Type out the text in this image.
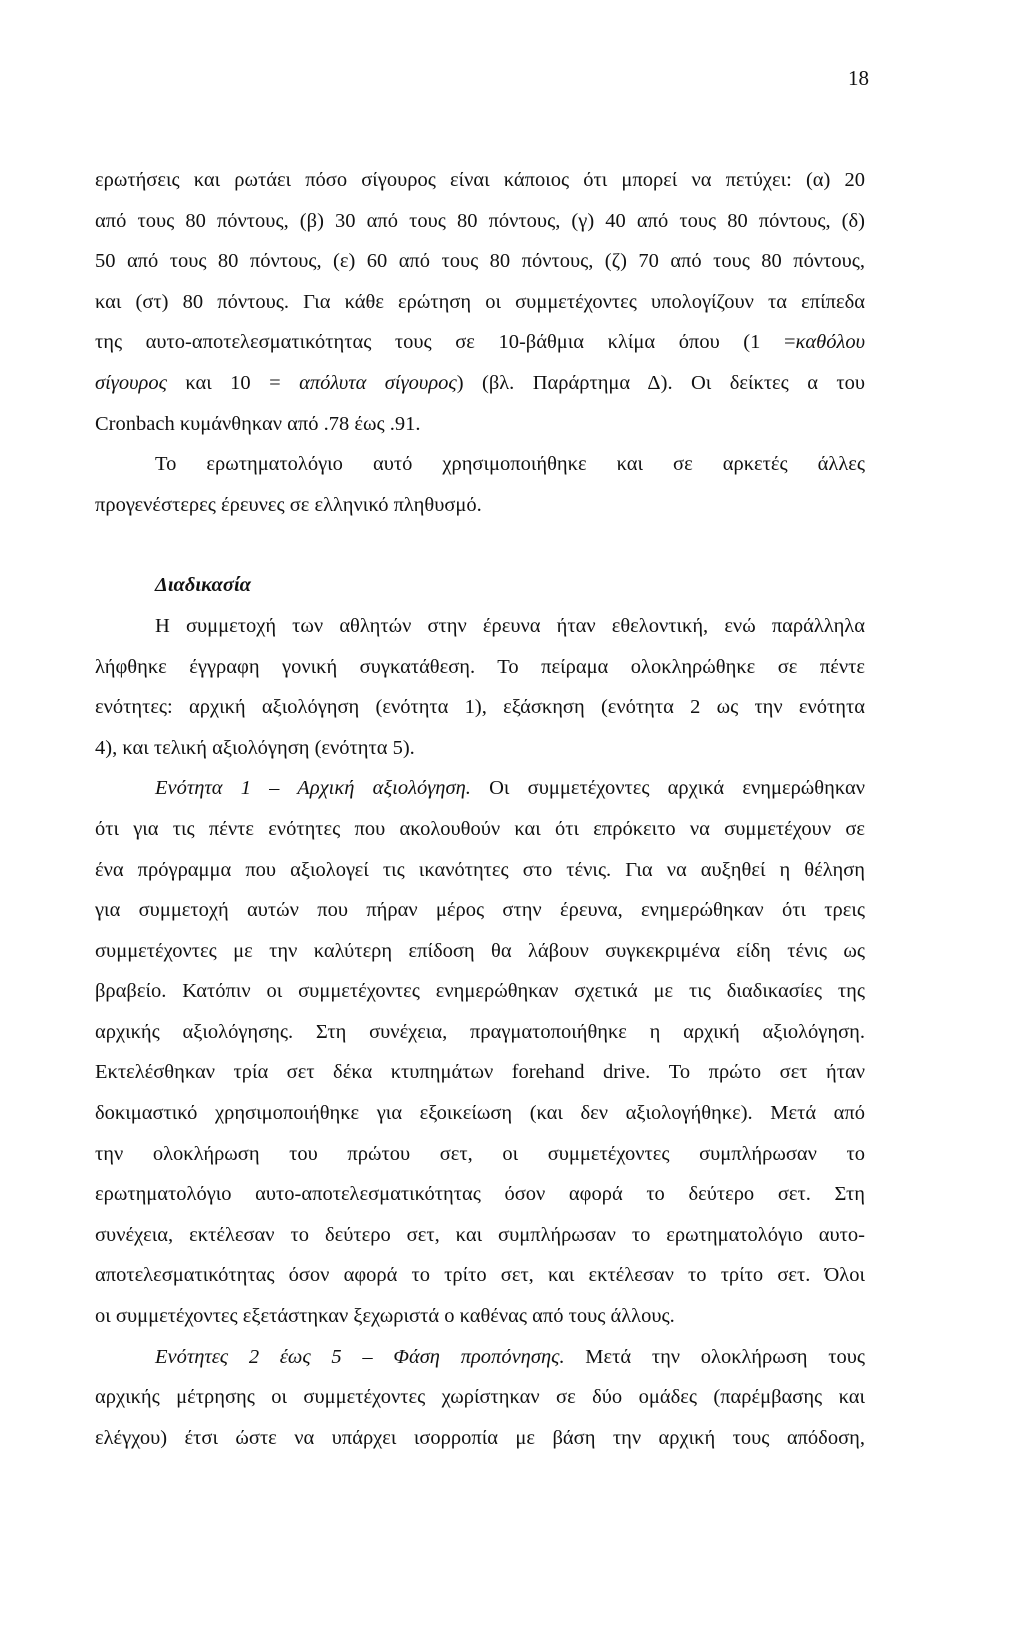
18
ερωτήσεις και ρωτάει πόσο σίγουρος είναι κάποιος ότι μπορεί να πετύχει: (α) 20
από τους 80 πόντους, (β) 30 από τους 80 πόντους, (γ) 40 από τους 80 πόντους, (δ)
50 από τους 80 πόντους, (ε) 60 από τους 80 πόντους, (ζ) 70 από τους 80 πόντους,
και (στ) 80 πόντους. Για κάθε ερώτηση οι συμμετέχοντες υπολογίζουν τα επίπεδα
της αυτο-αποτελεσματικότητας τους σε 10-βάθμια κλίμα όπου (1 =καθόλου
σίγουρος και 10 = απόλυτα σίγουρος) (βλ. Παράρτημα Δ). Οι δείκτες α του
Cronbach κυμάνθηκαν από .78 έως .91.
Το ερωτηματολόγιο αυτό χρησιμοποιήθηκε και σε αρκετές άλλες
προγενέστερες έρευνες σε ελληνικό πληθυσμό.
Διαδικασία
Η συμμετοχή των αθλητών στην έρευνα ήταν εθελοντική, ενώ παράλληλα
λήφθηκε έγγραφη γονική συγκατάθεση. Το πείραμα ολοκληρώθηκε σε πέντε
ενότητες: αρχική αξιολόγηση (ενότητα 1), εξάσκηση (ενότητα 2 ως την ενότητα
4), και τελική αξιολόγηση (ενότητα 5).
Ενότητα 1 – Αρχική αξιολόγηση. Οι συμμετέχοντες αρχικά ενημερώθηκαν
ότι για τις πέντε ενότητες που ακολουθούν και ότι επρόκειτο να συμμετέχουν σε
ένα πρόγραμμα που αξιολογεί τις ικανότητες στο τένις. Για να αυξηθεί η θέληση
για συμμετοχή αυτών που πήραν μέρος στην έρευνα, ενημερώθηκαν ότι τρεις
συμμετέχοντες με την καλύτερη επίδοση θα λάβουν συγκεκριμένα είδη τένις ως
βραβείο. Κατόπιν οι συμμετέχοντες ενημερώθηκαν σχετικά με τις διαδικασίες της
αρχικής αξιολόγησης. Στη συνέχεια, πραγματοποιήθηκε η αρχική αξιολόγηση.
Εκτελέσθηκαν τρία σετ δέκα κτυπημάτων forehand drive. Το πρώτο σετ ήταν
δοκιμαστικό χρησιμοποιήθηκε για εξοικείωση (και δεν αξιολογήθηκε). Μετά από
την ολοκλήρωση του πρώτου σετ, οι συμμετέχοντες συμπλήρωσαν το
ερωτηματολόγιο αυτο-αποτελεσματικότητας όσον αφορά το δεύτερο σετ. Στη
συνέχεια, εκτέλεσαν το δεύτερο σετ, και συμπλήρωσαν το ερωτηματολόγιο αυτο-
αποτελεσματικότητας όσον αφορά το τρίτο σετ, και εκτέλεσαν το τρίτο σετ. Όλοι
οι συμμετέχοντες εξετάστηκαν ξεχωριστά ο καθένας από τους άλλους.
Ενότητες 2 έως 5 – Φάση προπόνησης. Μετά την ολοκλήρωση τους
αρχικής μέτρησης οι συμμετέχοντες χωρίστηκαν σε δύο ομάδες (παρέμβασης και
ελέγχου) έτσι ώστε να υπάρχει ισορροπία με βάση την αρχική τους απόδοση,
